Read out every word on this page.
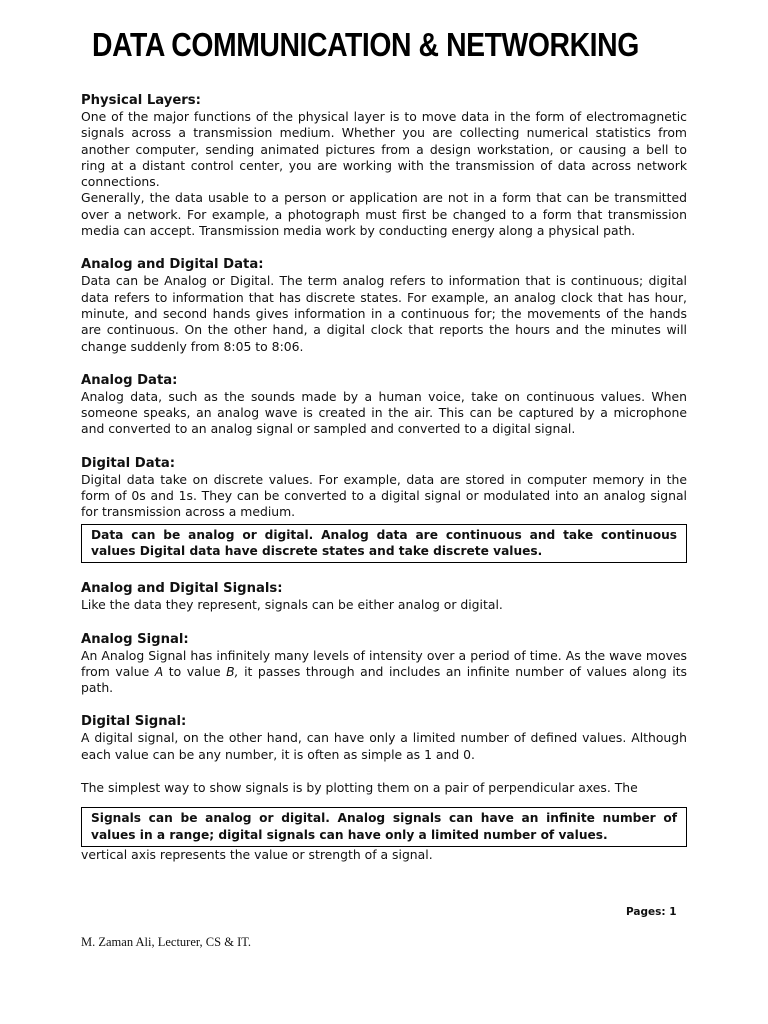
DATA COMMUNICATION & NETWORKING
Physical Layers:

One of the major functions of the physical layer is to move data in the form of electromagnetic signals across a transmission medium. Whether you are collecting numerical statistics from another computer, sending animated pictures from a design workstation, or causing a bell to ring at a distant control center, you are working with the transmission of data across network connections.

Generally, the data usable to a person or application are not in a form that can be transmitted over a network. For example, a photograph must first be changed to a form that transmission media can accept. Transmission media work by conducting energy along a physical path.

Analog and Digital Data:

Data can be Analog or Digital. The term analog refers to information that is continuous; digital data refers to information that has discrete states. For example, an analog clock that has hour, minute, and second hands gives information in a continuous for; the movements of the hands are continuous. On the other hand, a digital clock that reports the hours and the minutes will change suddenly from 8:05 to 8:06.

Analog Data:

Analog data, such as the sounds made by a human voice, take on continuous values. When someone speaks, an analog wave is created in the air. This can be captured by a microphone and converted to an analog signal or sampled and converted to a digital signal.

Digital Data:

Digital data take on discrete values. For example, data are stored in computer memory in the form of 0s and 1s. They can be converted to a digital signal or modulated into an analog signal for transmission across a medium.

Data can be analog or digital. Analog data are continuous and take continuous values Digital data have discrete states and take discrete values.
Analog and Digital Signals:

Like the data they represent, signals can be either analog or digital.

Analog Signal:

An Analog Signal has infinitely many levels of intensity over a period of time. As the wave moves from value A to value B, it passes through and includes an infinite number of values along its path.

Digital Signal:

A digital signal, on the other hand, can have only a limited number of defined values. Although each value can be any number, it is often as simple as 1 and 0.

The simplest way to show signals is by plotting them on a pair of perpendicular axes. The

Signals can be analog or digital. Analog signals can have an infinite number of values in a range; digital signals can have only a limited number of values.

vertical axis represents the value or strength of a signal.

Pages: 1
M. Zaman Ali, Lecturer, CS & IT.
